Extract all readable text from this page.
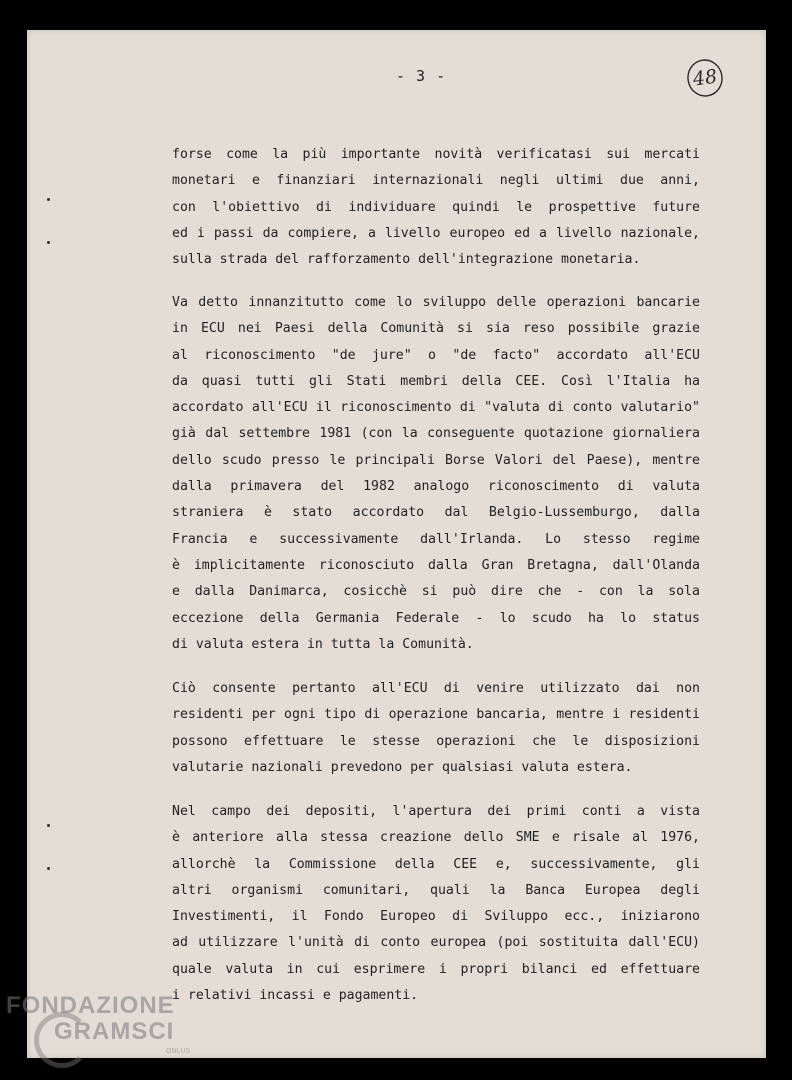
- 3 -	48
forse come la più importante novità verificatasi sui mercati
monetari e finanziari internazionali negli ultimi due anni,
con l'obiettivo di individuare quindi le prospettive future
ed i passi da compiere, a livello europeo ed a livello nazionale,
sulla strada del rafforzamento dell'integrazione monetaria.
Va detto innanzitutto come lo sviluppo delle operazioni bancarie
in ECU nei Paesi della Comunità si sia reso possibile grazie
al riconoscimento "de jure" o "de facto" accordato all'ECU
da quasi tutti gli Stati membri della CEE. Così l'Italia ha
accordato all'ECU il riconoscimento di "valuta di conto valutario"
già dal settembre 1981 (con la conseguente quotazione giornaliera
dello scudo presso le principali Borse Valori del Paese), mentre
dalla primavera del 1982 analogo riconoscimento di valuta
straniera è stato accordato dal Belgio-Lussemburgo, dalla
Francia e successivamente dall'Irlanda. Lo stesso regime
è implicitamente riconosciuto dalla Gran Bretagna, dall'Olanda
e dalla Danimarca, cosicchè si può dire che - con la sola
eccezione della Germania Federale - lo scudo ha lo status
di valuta estera in tutta la Comunità.
Ciò consente pertanto all'ECU di venire utilizzato dai non
residenti per ogni tipo di operazione bancaria, mentre i residenti
possono effettuare le stesse operazioni che le disposizioni
valutarie nazionali prevedono per qualsiasi valuta estera.
Nel campo dei depositi, l'apertura dei primi conti a vista
è anteriore alla stessa creazione dello SME e risale al 1976,
allorchè la Commissione della CEE e, successivamente, gli
altri organismi comunitari, quali la Banca Europea degli
Investimenti, il Fondo Europeo di Sviluppo ecc., iniziarono
ad utilizzare l'unità di conto europea (poi sostituita dall'ECU)
quale valuta in cui esprimere i propri bilanci ed effettuare
i relativi incassi e pagamenti.
FONDAZIONE
GRAMSCI
ONLUS
